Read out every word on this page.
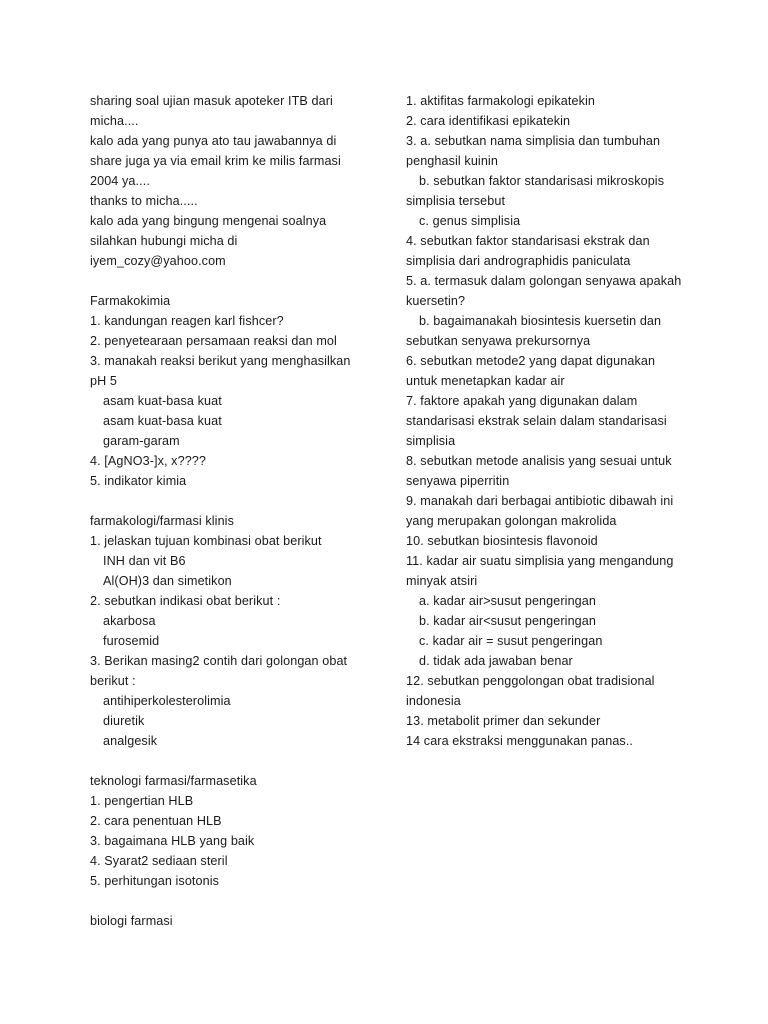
sharing soal ujian masuk apoteker ITB dari
micha....
kalo ada yang punya ato tau jawabannya di
share juga ya via email krim ke milis farmasi
2004 ya....
thanks to micha.....
kalo ada yang bingung mengenai soalnya
silahkan hubungi micha di
iyem_cozy@yahoo.com
Farmakokimia
1. kandungan reagen karl fishcer?
2. penyetearaan persamaan reaksi dan mol
3. manakah reaksi berikut yang menghasilkan
pH 5
asam kuat-basa kuat
asam kuat-basa kuat
garam-garam
4. [AgNO3-]x, x????
5. indikator kimia
farmakologi/farmasi klinis
1. jelaskan tujuan kombinasi obat berikut
INH dan vit B6
Al(OH)3 dan simetikon
2. sebutkan indikasi obat berikut :
akarbosa
furosemid
3. Berikan masing2 contih dari golongan obat
berikut :
antihiperkolesterolimia
diuretik
analgesik
teknologi farmasi/farmasetika
1. pengertian HLB
2. cara penentuan HLB
3. bagaimana HLB yang baik
4. Syarat2 sediaan steril
5. perhitungan isotonis
biologi farmasi
1. aktifitas farmakologi epikatekin
2. cara identifikasi epikatekin
3. a. sebutkan nama simplisia dan tumbuhan
penghasil kuinin
b. sebutkan faktor standarisasi mikroskopis
simplisia tersebut
c. genus simplisia
4. sebutkan faktor standarisasi ekstrak dan
simplisia dari andrographidis paniculata
5. a. termasuk dalam golongan senyawa apakah
kuersetin?
b. bagaimanakah biosintesis kuersetin dan
sebutkan senyawa prekursornya
6. sebutkan metode2 yang dapat digunakan
untuk menetapkan kadar air
7. faktore apakah yang digunakan dalam
standarisasi ekstrak selain dalam standarisasi
simplisia
8. sebutkan metode analisis yang sesuai untuk
senyawa piperritin
9. manakah dari berbagai antibiotic dibawah ini
yang merupakan golongan makrolida
10. sebutkan biosintesis flavonoid
11. kadar air suatu simplisia yang mengandung
minyak atsiri
a. kadar air>susut pengeringan
b. kadar air<susut pengeringan
c. kadar air = susut pengeringan
d. tidak ada jawaban benar
12. sebutkan penggolongan obat tradisional
indonesia
13. metabolit primer dan sekunder
14 cara ekstraksi menggunakan panas..
